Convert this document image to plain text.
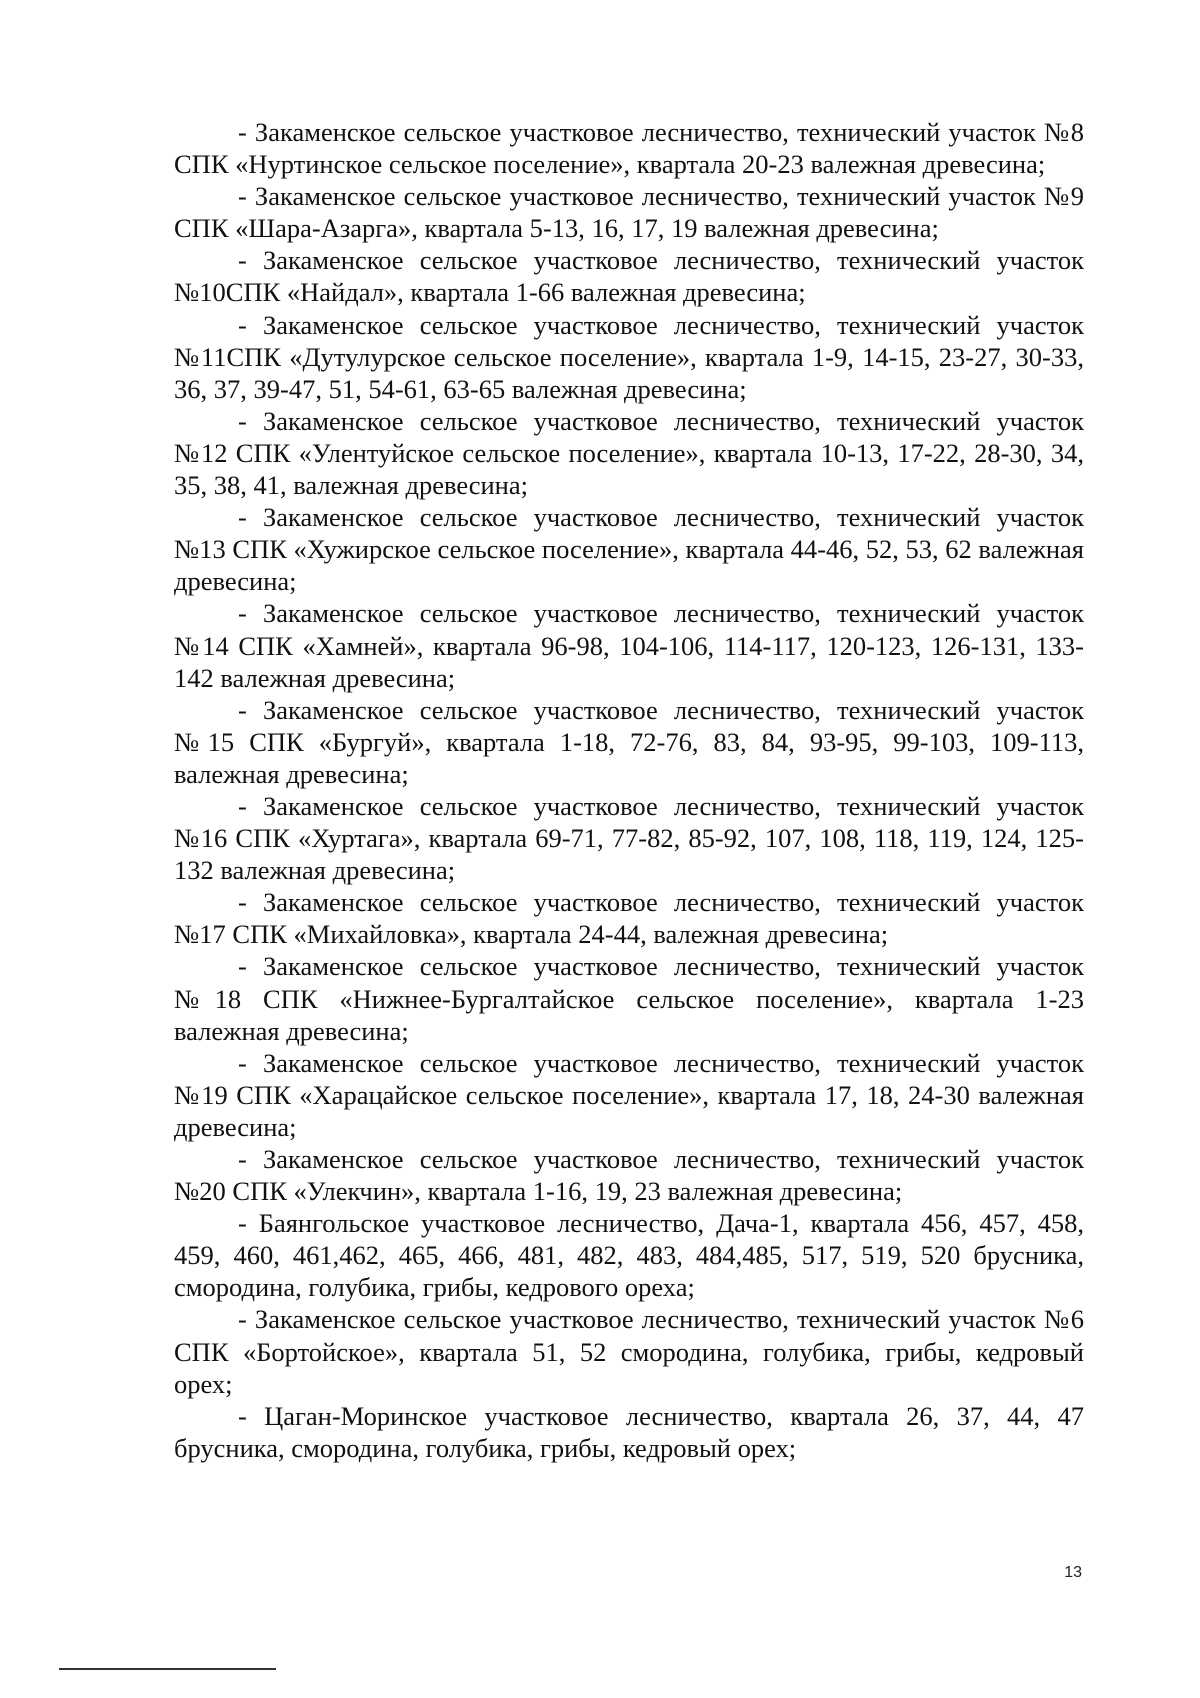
- Закаменское сельское участковое лесничество, технический участок №8 СПК «Нуртинское сельское поселение», квартала 20-23 валежная древесина;

- Закаменское сельское участковое лесничество, технический участок №9 СПК «Шара-Азарга», квартала 5-13, 16, 17, 19 валежная древесина;

- Закаменское сельское участковое лесничество, технический участок №10СПК «Найдал», квартала 1-66 валежная древесина;

- Закаменское сельское участковое лесничество, технический участок №11СПК «Дутулурское сельское поселение», квартала 1-9, 14-15, 23-27, 30-33, 36, 37, 39-47, 51, 54-61, 63-65 валежная древесина;

- Закаменское сельское участковое лесничество, технический участок №12 СПК «Улентуйское сельское поселение», квартала 10-13, 17-22, 28-30, 34, 35, 38, 41, валежная древесина;

- Закаменское сельское участковое лесничество, технический участок №13 СПК «Хужирское сельское поселение», квартала 44-46, 52, 53, 62 валежная древесина;

- Закаменское сельское участковое лесничество, технический участок №14 СПК «Хамней», квартала 96-98, 104-106, 114-117, 120-123, 126-131, 133-142 валежная древесина;

- Закаменское сельское участковое лесничество, технический участок №15 СПК «Бургуй», квартала 1-18, 72-76, 83, 84, 93-95, 99-103, 109-113, валежная древесина;

- Закаменское сельское участковое лесничество, технический участок №16 СПК «Хуртага», квартала 69-71, 77-82, 85-92, 107, 108, 118, 119, 124, 125-132 валежная древесина;

- Закаменское сельское участковое лесничество, технический участок №17 СПК «Михайловка», квартала 24-44, валежная древесина;

- Закаменское сельское участковое лесничество, технический участок №18 СПК «Нижнее-Бургалтайское сельское поселение», квартала 1-23 валежная древесина;

- Закаменское сельское участковое лесничество, технический участок №19 СПК «Харацайское сельское поселение», квартала 17, 18, 24-30 валежная древесина;

- Закаменское сельское участковое лесничество, технический участок №20 СПК «Улекчин», квартала 1-16, 19, 23 валежная древесина;

- Баянгольское участковое лесничество, Дача-1, квартала 456, 457, 458, 459, 460, 461,462, 465, 466, 481, 482, 483, 484,485, 517, 519, 520 брусника, смородина, голубика, грибы, кедрового ореха;

- Закаменское сельское участковое лесничество, технический участок №6 СПК «Бортойское», квартала 51, 52 смородина, голубика, грибы, кедровый орех;

- Цаган-Моринское участковое лесничество, квартала 26, 37, 44, 47 брусника, смородина, голубика, грибы, кедровый орех;

13
